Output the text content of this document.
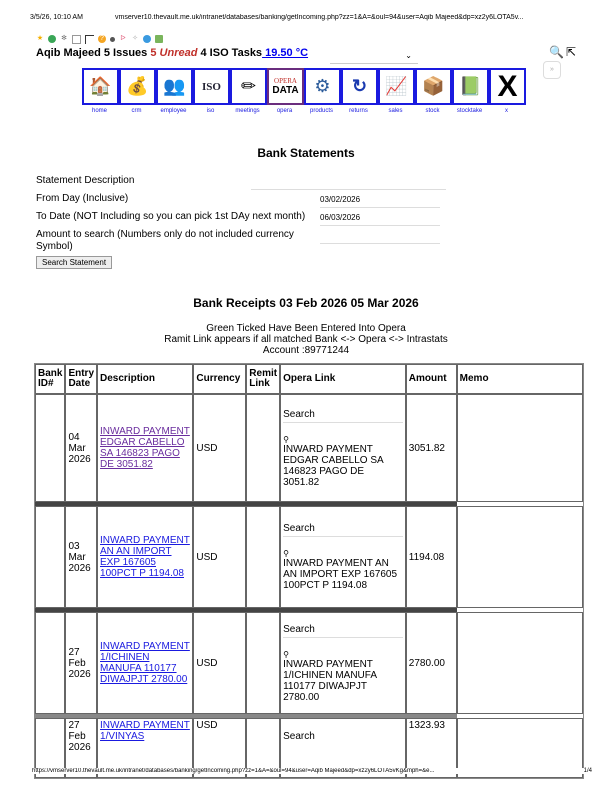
3/5/26, 10:10 AM	vmserver10.thevault.me.uk/intranet/databases/banking/getIncoming.php?zz=1&A=&oul=94&user=Aqib Majeed&dp=xz2y6LOTA5v...
★	✻	? ᐅ ✧
Aqib Majeed 5 Issues 5 Unread 4 ISO Tasks 19.50 °C	⌄	🔍 ⇱
»
🏠
home
💰
crm
👥
employee
ISO
iso
✏
meetings
OPERA
DATA
opera
⚙
products
↻
returns
📈
sales
📦
stock
📗
stocktake
X
x
Bank Statements
Statement Description
From Day (Inclusive)	03/02/2026
To Date (NOT Including so you can pick 1st DAy next month)	06/03/2026
Amount to search (Numbers only do not included currency Symbol)
Search Statement
Bank Receipts 03 Feb 2026 05 Mar 2026
Green Ticked Have Been Entered Into Opera
Ramit Link appears if all matched Bank <-> Opera <-> Intrastats
Account :89771244
Bank ID#	Entry Date	Description	Currency	Remit Link	Opera Link	Amount	Memo
	04 Mar 2026	INWARD PAYMENT EDGAR CABELLO SA 146823 PAGO DE 3051.82	USD		Search
⚲
INWARD PAYMENT EDGAR CABELLO SA 146823 PAGO DE 3051.82	3051.82	

	03 Mar 2026	INWARD PAYMENT AN AN IMPORT EXP 167605 100PCT P 1194.08	USD		Search
⚲
INWARD PAYMENT AN AN IMPORT EXP 167605 100PCT P 1194.08	1194.08	

	27 Feb 2026	INWARD PAYMENT 1/ICHINEN MANUFA 110177 DIWAJPJT 2780.00	USD		Search
⚲
INWARD PAYMENT 1/ICHINEN MANUFA 110177 DIWAJPJT 2780.00	2780.00	

	27 Feb 2026	INWARD PAYMENT 1/VINYAS	USD		Search	1323.93	
https://vmserver10.thevault.me.uk/intranet/databases/banking/getIncoming.php?zz=1&A=&oul=94&user=Aqib Majeed&dp=xz2y6LOTA5vKg&mph=&e...	1/4
